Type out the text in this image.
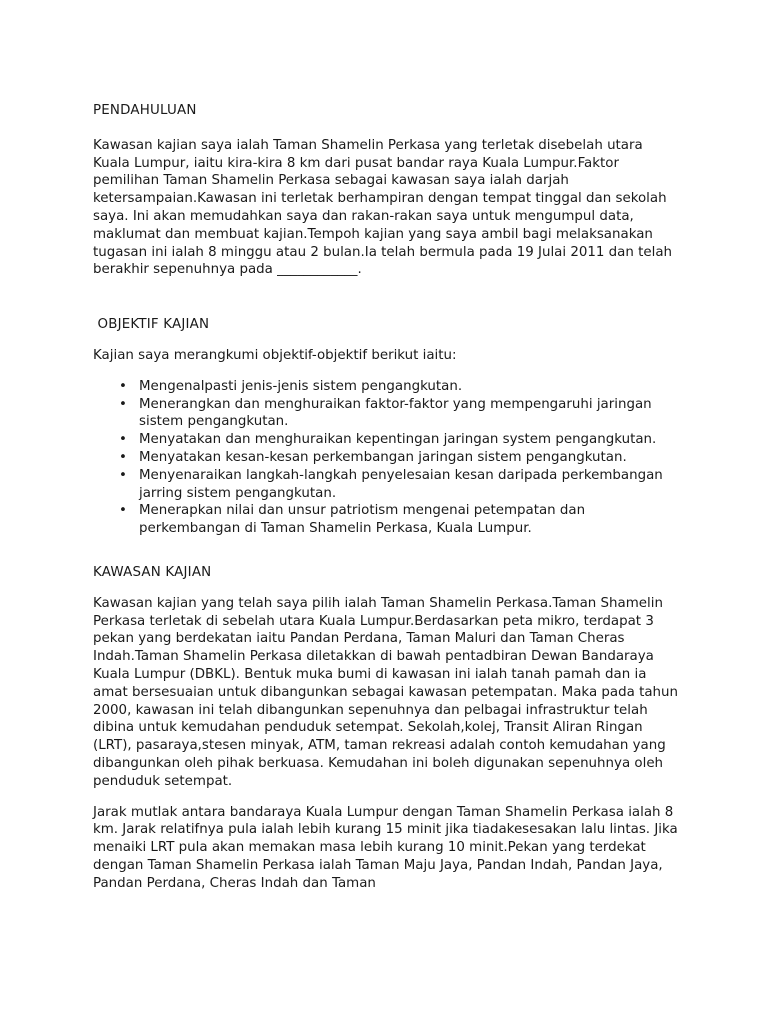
PENDAHULUAN

Kawasan kajian saya ialah Taman Shamelin Perkasa yang terletak disebelah utara Kuala Lumpur, iaitu kira-kira 8 km dari pusat bandar raya Kuala Lumpur.Faktor pemilihan Taman Shamelin Perkasa sebagai kawasan saya ialah darjah ketersampaian.Kawasan ini terletak berhampiran dengan tempat tinggal dan sekolah saya. Ini akan memudahkan saya dan rakan-rakan saya untuk mengumpul data, maklumat dan membuat kajian.Tempoh kajian yang saya ambil bagi melaksanakan tugasan ini ialah 8 minggu atau 2 bulan.Ia telah bermula pada 19 Julai 2011 dan telah berakhir sepenuhnya pada ____________.

OBJEKTIF KAJIAN

Kajian saya merangkumi objektif-objektif berikut iaitu:

• Mengenalpasti jenis-jenis sistem pengangkutan.
• Menerangkan dan menghuraikan faktor-faktor yang mempengaruhi jaringan sistem pengangkutan.
• Menyatakan dan menghuraikan kepentingan jaringan system pengangkutan.
• Menyatakan kesan-kesan perkembangan jaringan sistem pengangkutan.
• Menyenaraikan langkah-langkah penyelesaian kesan daripada perkembangan jarring sistem pengangkutan.
• Menerapkan nilai dan unsur patriotism mengenai petempatan dan perkembangan di Taman Shamelin Perkasa, Kuala Lumpur.
KAWASAN KAJIAN

Kawasan kajian yang telah saya pilih ialah Taman Shamelin Perkasa.Taman Shamelin Perkasa terletak di sebelah utara Kuala Lumpur.Berdasarkan peta mikro, terdapat 3 pekan yang berdekatan iaitu Pandan Perdana, Taman Maluri dan Taman Cheras Indah.Taman Shamelin Perkasa diletakkan di bawah pentadbiran Dewan Bandaraya Kuala Lumpur (DBKL). Bentuk muka bumi di kawasan ini ialah tanah pamah dan ia amat bersesuaian untuk dibangunkan sebagai kawasan petempatan. Maka pada tahun 2000, kawasan ini telah dibangunkan sepenuhnya dan pelbagai infrastruktur telah dibina untuk kemudahan penduduk setempat. Sekolah,kolej, Transit Aliran Ringan (LRT), pasaraya,stesen minyak, ATM, taman rekreasi adalah contoh kemudahan yang dibangunkan oleh pihak berkuasa. Kemudahan ini boleh digunakan sepenuhnya oleh penduduk setempat.

Jarak mutlak antara bandaraya Kuala Lumpur dengan Taman Shamelin Perkasa ialah 8 km. Jarak relatifnya pula ialah lebih kurang 15 minit jika tiadakesesakan lalu lintas. Jika menaiki LRT pula akan memakan masa lebih kurang 10 minit.Pekan yang terdekat dengan Taman Shamelin Perkasa ialah Taman Maju Jaya, Pandan Indah, Pandan Jaya, Pandan Perdana, Cheras Indah dan Taman
